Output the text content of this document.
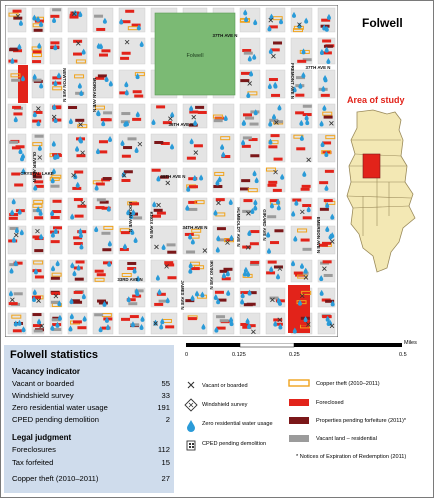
Folwell
37TH AVE N
37TH AVE N
36TH AVE N
35TH AVE N
34TH AVE N
33RD AVE N
NEWTON AVE N	MORGAN AVE N	FREMONT AVE N
OLIVER AVE N
CRYSTAL LAKE
LOGAN AVE N	KNOX AVE N
JAMES AVE N
IRVING AVE N
HUMBOLDT AVE N	GIRARD AVE N	EMERSON AVE N
Folwell
Area of study
0	0.125	0.25	0.5
Miles
Folwell statistics
Vacancy indicator
Vacant or boarded	55
Windshield survey	33
Zero residential water usage	191
CPED pending demolition	2
Legal judgment
Foreclosures	112
Tax forfeited	15
Copper theft (2010–2011)	27
Vacant or boarded
Windshield survey
Zero residential water usage
CPED pending demolition
Copper theft (2010–2011)
Foreclosed
Properties pending forfeiture (2011)*
Vacant land – residential
* Notices of Expiration of Redemption (2011)
